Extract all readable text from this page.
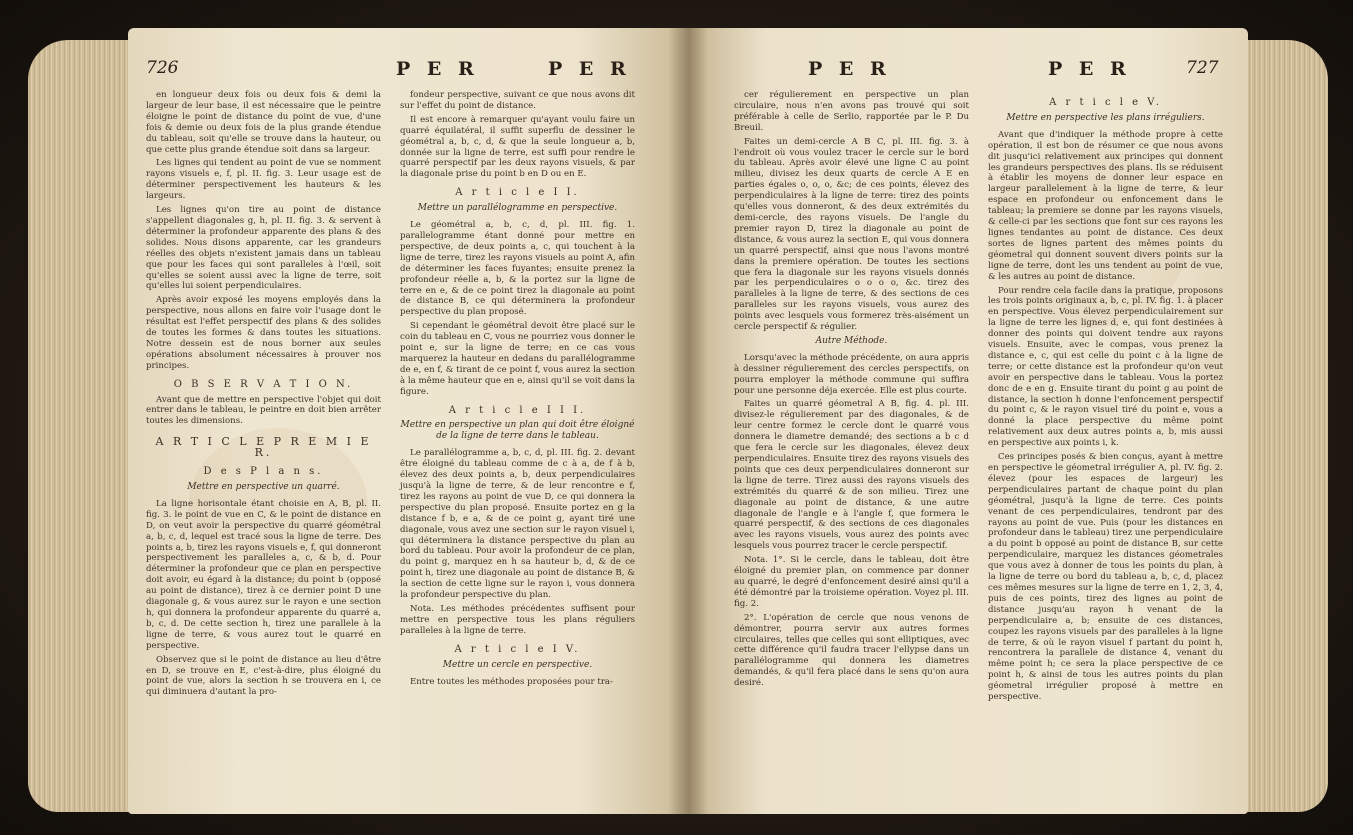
726	P E R	P E R

en longueur deux fois ou deux fois & demi la largeur de leur base, il est nécessaire que le peintre éloigne le point de distance du point de vue, d'une fois & demie ou deux fois de la plus grande étendue du tableau, soit qu'elle se trouve dans la hauteur, ou que cette plus grande étendue soit dans sa largeur.

Les lignes qui tendent au point de vue se nomment rayons visuels e, f, pl. II. fig. 3. Leur usage est de déterminer perspectivement les hauteurs & les largeurs.

Les lignes qu'on tire au point de distance s'appellent diagonales g, h, pl. II. fig. 3. & servent à déterminer la profondeur apparente des plans & des solides. Nous disons apparente, car les grandeurs réelles des objets n'existent jamais dans un tableau que pour les faces qui sont paralleles à l'œil, soit qu'elles se soient aussi avec la ligne de terre, soit qu'elles lui soient perpendiculaires.

Après avoir exposé les moyens employés dans la perspective, nous allons en faire voir l'usage dont le résultat est l'effet perspectif des plans & des solides de toutes les formes & dans toutes les situations. Notre dessein est de nous borner aux seules opérations absolument nécessaires à prouver nos principes.

O B S E R V A T I O N.

Avant que de mettre en perspective l'objet qui doit entrer dans le tableau, le peintre en doit bien arrêter toutes les dimensions.

A R T I C L E P R E M I E R.

D e s P l a n s.

Mettre en perspective un quarré.

La ligne horisontale étant choisie en A, B, pl. II. fig. 3. le point de vue en C, & le point de distance en D, on veut avoir la perspective du quarré géométral a, b, c, d, lequel est tracé sous la ligne de terre. Des points a, b, tirez les rayons visuels e, f, qui donneront perspectivement les paralleles a, c, & b, d. Pour déterminer la profondeur que ce plan en perspective doit avoir, eu égard à la distance; du point b (opposé au point de distance), tirez à ce dernier point D une diagonale g, & vous aurez sur le rayon e une section h, qui donnera la profondeur apparente du quarré a, b, c, d. De cette section h, tirez une parallele à la ligne de terre, & vous aurez tout le quarré en perspective.

Observez que si le point de distance au lieu d'être en D, se trouve en E, c'est-à-dire, plus éloigné du point de vue, alors la section h se trouvera en i, ce qui diminuera d'autant la pro-

fondeur perspective, suivant ce que nous avons dit sur l'effet du point de distance.

Il est encore à remarquer qu'ayant voulu faire un quarré équilatéral, il suffit superflu de dessiner le géométral a, b, c, d, & que la seule longueur a, b, donnée sur la ligne de terre, est suffi pour rendre le quarré perspectif par les deux rayons visuels, & par la diagonale prise du point b en D ou en E.

A r t i c l e I I.

Mettre un parallélogramme en perspective.

Le géométral a, b, c, d, pl. III. fig. 1. parallelogramme étant donné pour mettre en perspective, de deux points a, c, qui touchent à la ligne de terre, tirez les rayons visuels au point A, afin de déterminer les faces fuyantes; ensuite prenez la profondeur réelle a, b, & la portez sur la ligne de terre en e, & de ce point tirez la diagonale au point de distance B, ce qui déterminera la profondeur perspective du plan proposé.

Si cependant le géométral devoit être placé sur le coin du tableau en C, vous ne pourriez vous donner le point e, sur la ligne de terre; en ce cas vous marquerez la hauteur en dedans du parallélogramme de e, en f, & tirant de ce point f, vous aurez la section à la même hauteur que en e, ainsi qu'il se voit dans la figure.

A r t i c l e I I I.

Mettre en perspective un plan qui doit être éloigné de la ligne de terre dans le tableau.

Le parallélogramme a, b, c, d, pl. III. fig. 2. devant être éloigné du tableau comme de c à a, de f à b, élevez des deux points a, b, deux perpendiculaires jusqu'à la ligne de terre, & de leur rencontre e f, tirez les rayons au point de vue D, ce qui donnera la perspective du plan proposé. Ensuite portez en g la distance f b, e a, & de ce point g, ayant tiré une diagonale, vous avez une section sur le rayon visuel i, qui déterminera la distance perspective du plan au bord du tableau. Pour avoir la profondeur de ce plan, du point g, marquez en h sa hauteur b, d, & de ce point h, tirez une diagonale au point de distance B, & la section de cette ligne sur le rayon i, vous donnera la profondeur perspective du plan.

Nota. Les méthodes précédentes suffisent pour mettre en perspective tous les plans réguliers paralleles à la ligne de terre.

A r t i c l e I V.

Mettre un cercle en perspective.

Entre toutes les méthodes proposées pour tra-

P E R	P E R	727

cer régulierement en perspective un plan circulaire, nous n'en avons pas trouvé qui soit préférable à celle de Serlio, rapportée par le P. Du Breuil.

Faites un demi-cercle A B C, pl. III. fig. 3. à l'endroit où vous voulez tracer le cercle sur le bord du tableau. Après avoir élevé une ligne C au point milieu, divisez les deux quarts de cercle A E en parties égales o, o, o, &c; de ces points, élevez des perpendiculaires à la ligne de terre: tirez des points qu'elles vous donneront, & des deux extrémités du demi-cercle, des rayons visuels. De l'angle du premier rayon D, tirez la diagonale au point de distance, & vous aurez la section E, qui vous donnera un quarré perspectif, ainsi que nous l'avons montré dans la premiere opération. De toutes les sections que fera la diagonale sur les rayons visuels donnés par les perpendiculaires o o o o, &c. tirez des paralleles à la ligne de terre, & des sections de ces paralleles sur les rayons visuels, vous aurez des points avec lesquels vous formerez très-aisément un cercle perspectif & régulier.

Autre Méthode.

Lorsqu'avec la méthode précédente, on aura appris à dessiner régulierement des cercles perspectifs, on pourra employer la méthode commune qui suffira pour une personne déja exercée. Elle est plus courte.

Faites un quarré géometral A B, fig. 4. pl. III. divisez-le régulierement par des diagonales, & de leur centre formez le cercle dont le quarré vous donnera le diametre demandé; des sections a b c d que fera le cercle sur les diagonales, élevez deux perpendiculaires. Ensuite tirez des rayons visuels des points que ces deux perpendiculaires donneront sur la ligne de terre. Tirez aussi des rayons visuels des extrémités du quarré & de son milieu. Tirez une diagonale au point de distance, & une autre diagonale de l'angle e à l'angle f, que formera le quarré perspectif, & des sections de ces diagonales avec les rayons visuels, vous aurez des points avec lesquels vous pourrez tracer le cercle perspectif.

Nota. 1°. Si le cercle, dans le tableau, doit être éloigné du premier plan, on commence par donner au quarré, le degré d'enfoncement desiré ainsi qu'il a été démontré par la troisieme opération. Voyez pl. III. fig. 2.

2°. L'opération de cercle que nous venons de démontrer, pourra servir aux autres formes circulaires, telles que celles qui sont elliptiques, avec cette différence qu'il faudra tracer l'ellypse dans un parallélogramme qui donnera les diametres demandés, & qu'il fera placé dans le sens qu'on aura desiré.

A r t i c l e V.

Mettre en perspective les plans irréguliers.

Avant que d'indiquer la méthode propre à cette opération, il est bon de résumer ce que nous avons dit jusqu'ici relativement aux principes qui donnent les grandeurs perspectives des plans. Ils se réduisent à établir les moyens de donner leur espace en largeur parallelement à la ligne de terre, & leur espace en profondeur ou enfoncement dans le tableau; la premiere se donne par les rayons visuels, & celle-ci par les sections que font sur ces rayons les lignes tendantes au point de distance. Ces deux sortes de lignes partent des mêmes points du géometral qui donnent souvent divers points sur la ligne de terre, dont les uns tendent au point de vue, & les autres au point de distance.

Pour rendre cela facile dans la pratique, proposons les trois points originaux a, b, c, pl. IV. fig. 1. à placer en perspective. Vous élevez perpendiculairement sur la ligne de terre les lignes d, e, qui font destinées à donner des points qui doivent tendre aux rayons visuels. Ensuite, avec le compas, vous prenez la distance e, c, qui est celle du point c à la ligne de terre; or cette distance est la profondeur qu'on veut avoir en perspective dans le tableau. Vous la portez donc de e en g. Ensuite tirant du point g au point de distance, la section h donne l'enfoncement perspectif du point c, & le rayon visuel tiré du point e, vous a donné la place perspective du même point relativement aux deux autres points a, b, mis aussi en perspective aux points i, k.

Ces principes posés & bien conçus, ayant à mettre en perspective le géometral irrégulier A, pl. IV. fig. 2. élevez (pour les espaces de largeur) les perpendiculaires partant de chaque point du plan géométral, jusqu'à la ligne de terre. Ces points venant de ces perpendiculaires, tendront par des rayons au point de vue. Puis (pour les distances en profondeur dans le tableau) tirez une perpendiculaire a du point b opposé au point de distance B, sur cette perpendiculaire, marquez les distances géometrales que vous avez à donner de tous les points du plan, à la ligne de terre ou bord du tableau a, b, c, d, placez ces mêmes mesures sur la ligne de terre en 1, 2, 3, 4, puis de ces points, tirez des lignes au point de distance jusqu'au rayon h venant de la perpendiculaire a, b; ensuite de ces distances, coupez les rayons visuels par des paralleles à la ligne de terre, & où le rayon visuel f partant du point h, rencontrera la parallele de distance 4, venant du même point h; ce sera la place perspective de ce point h, & ainsi de tous les autres points du plan géometral irrégulier proposé à mettre en perspective.
